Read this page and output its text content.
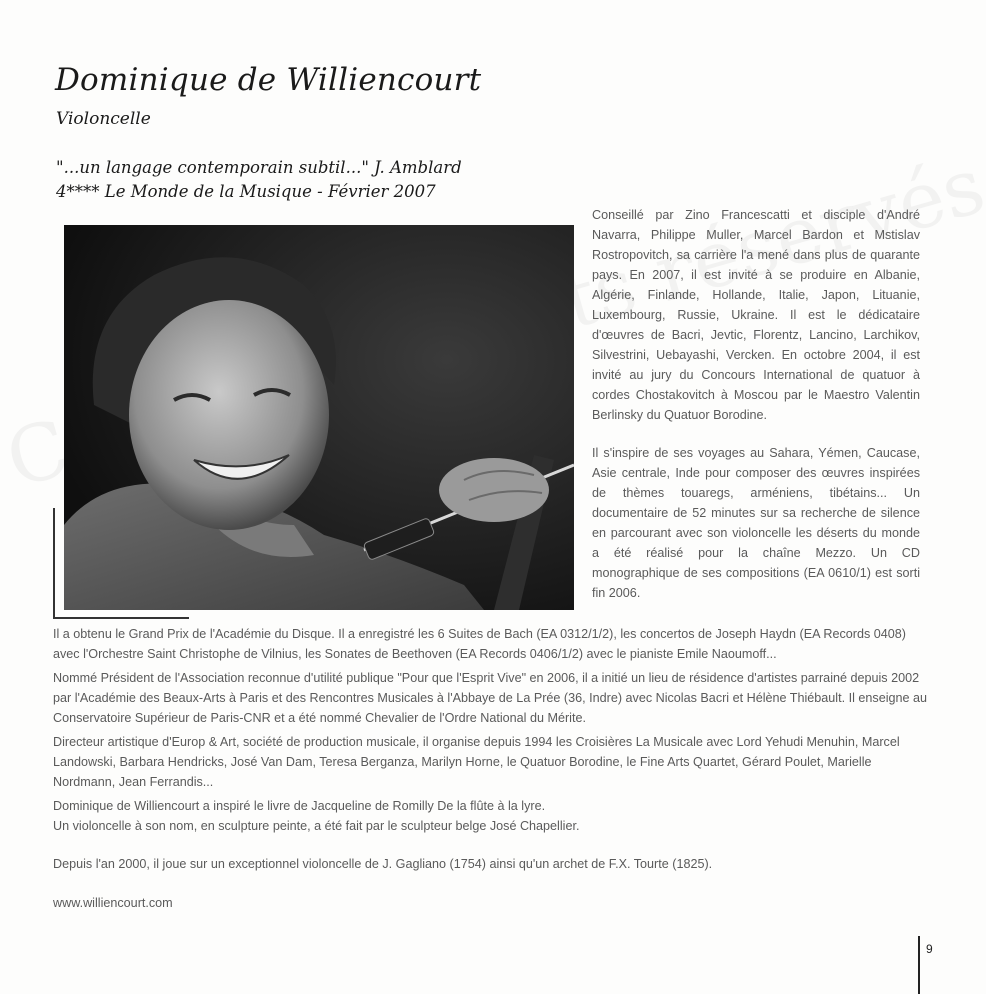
Dominique de Williencourt
Violoncelle
"...un langage contemporain subtil..." J. Amblard
4**** Le Monde de la Musique - Février 2007

Conseillé par Zino Francescatti et disciple d'André Navarra, Philippe Muller, Marcel Bardon et Mstislav Rostropovitch, sa carrière l'a mené dans plus de quarante pays. En 2007, il est invité à se produire en Albanie, Algérie, Finlande, Hollande, Italie, Japon, Lituanie, Luxembourg, Russie, Ukraine. Il est le dédicataire d'œuvres de Bacri, Jevtic, Florentz, Lancino, Larchikov, Silvestrini, Uebayashi, Vercken. En octobre 2004, il est invité au jury du Concours International de quatuor à cordes Chostakovitch à Moscou par le Maestro Valentin Berlinsky du Quatuor Borodine.

Il s'inspire de ses voyages au Sahara, Yémen, Caucase, Asie centrale, Inde pour composer des œuvres inspirées de thèmes touaregs, arméniens, tibétains... Un documentaire de 52 minutes sur sa recherche de silence en parcourant avec son violoncelle les déserts du monde a été réalisé pour la chaîne Mezzo. Un CD monographique de ses compositions (EA 0610/1) est sorti fin 2006.

Il a obtenu le Grand Prix de l'Académie du Disque. Il a enregistré les 6 Suites de Bach (EA 0312/1/2), les concertos de Joseph Haydn (EA Records 0408) avec l'Orchestre Saint Christophe de Vilnius, les Sonates de Beethoven (EA Records 0406/1/2) avec le pianiste Emile Naoumoff...

Nommé Président de l'Association reconnue d'utilité publique "Pour que l'Esprit Vive" en 2006, il a initié un lieu de résidence d'artistes parrainé depuis 2002 par l'Académie des Beaux-Arts à Paris et des Rencontres Musicales à l'Abbaye de La Prée (36, Indre) avec Nicolas Bacri et Hélène Thiébault. Il enseigne au Conservatoire Supérieur de Paris-CNR et a été nommé Chevalier de l'Ordre National du Mérite.

Directeur artistique d'Europ & Art, société de production musicale, il organise depuis 1994 les Croisières La Musicale avec Lord Yehudi Menuhin, Marcel Landowski, Barbara Hendricks, José Van Dam, Teresa Berganza, Marilyn Horne, le Quatuor Borodine, le Fine Arts Quartet, Gérard Poulet, Marielle Nordmann, Jean Ferrandis...

Dominique de Williencourt a inspiré le livre de Jacqueline de Romilly De la flûte à la lyre.

Un violoncelle à son nom, en sculpture peinte, a été fait par le sculpteur belge José Chapellier.

Depuis l'an 2000, il joue sur un exceptionnel violoncelle de J. Gagliano (1754) ainsi qu'un archet de F.X. Tourte (1825).

www.williencourt.com
9
